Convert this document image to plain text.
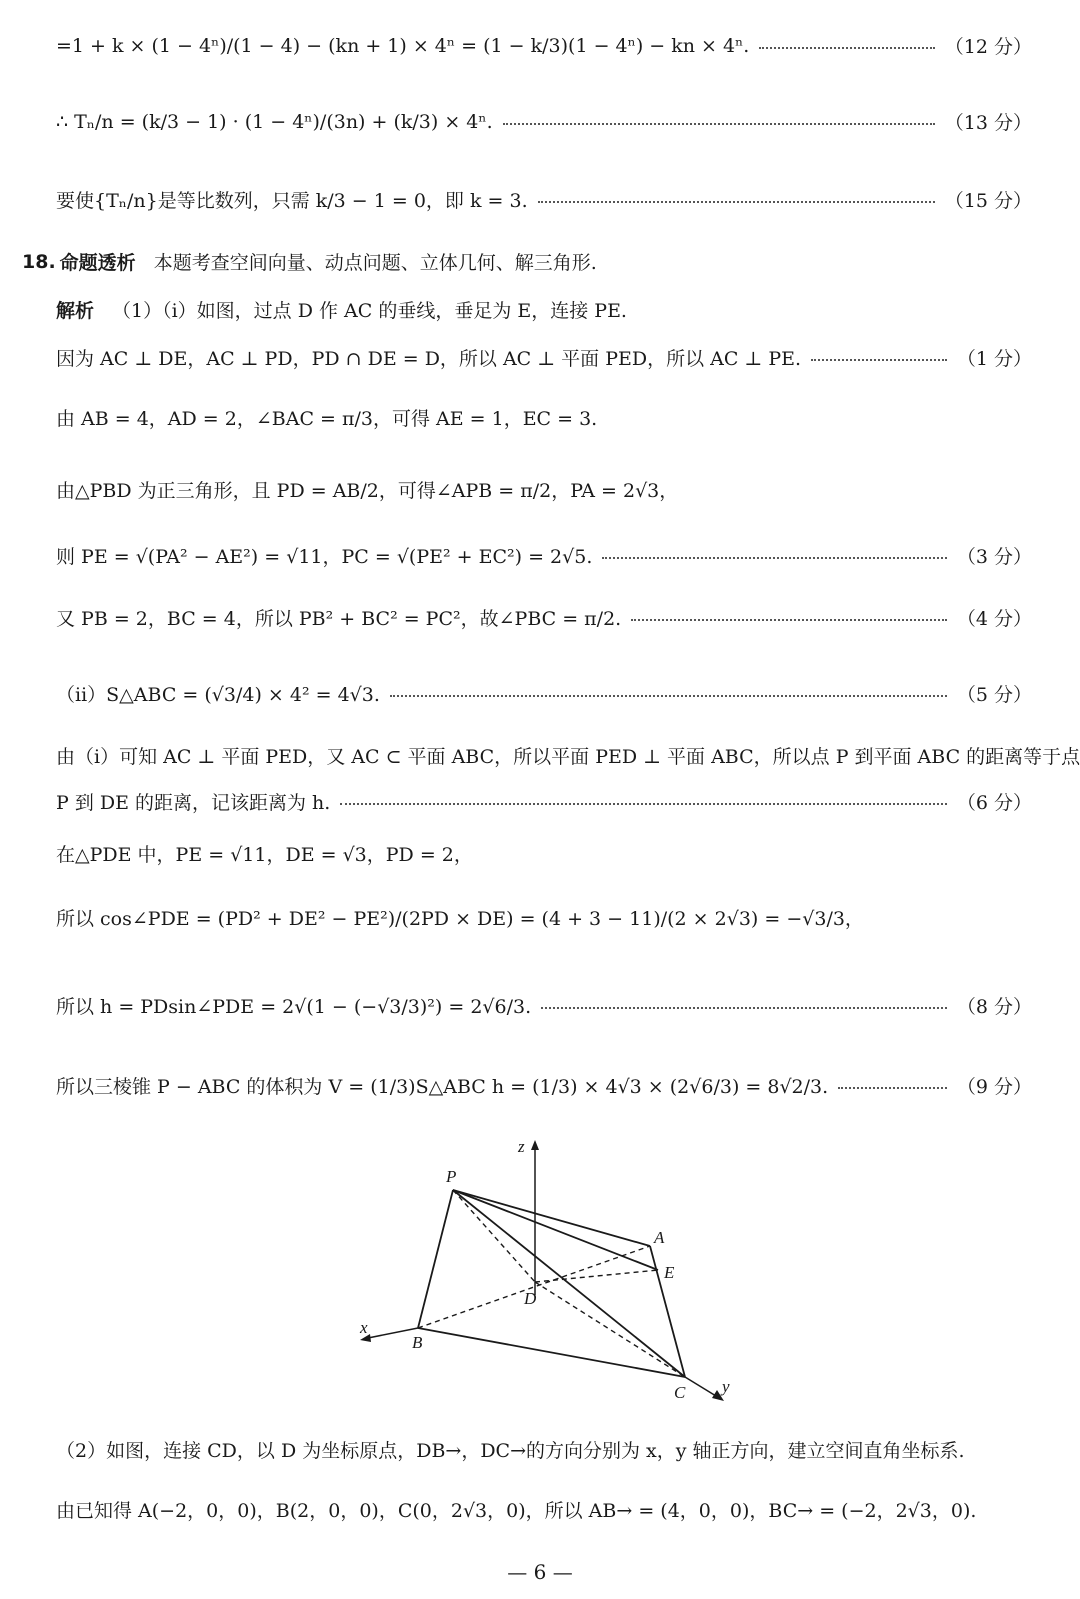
=1 + k × (1 − 4ⁿ)/(1 − 4) − (kn + 1) × 4ⁿ = (1 − k/3)(1 − 4ⁿ) − kn × 4ⁿ.	（12 分）
∴ Tₙ/n = (k/3 − 1) · (1 − 4ⁿ)/(3n) + (k/3) × 4ⁿ.	（13 分）
要使{Tₙ/n}是等比数列，只需 k/3 − 1 = 0，即 k = 3.	（15 分）
18. 命题透析 本题考查空间向量、动点问题、立体几何、解三角形.
解析 （1）（ⅰ）如图，过点 D 作 AC 的垂线，垂足为 E，连接 PE.
因为 AC ⊥ DE，AC ⊥ PD，PD ∩ DE = D，所以 AC ⊥ 平面 PED，所以 AC ⊥ PE.	（1 分）
由 AB = 4，AD = 2，∠BAC = π/3，可得 AE = 1，EC = 3.
由△PBD 为正三角形，且 PD = AB/2，可得∠APB = π/2，PA = 2√3，
则 PE = √(PA² − AE²) = √11，PC = √(PE² + EC²) = 2√5.	（3 分）
又 PB = 2，BC = 4，所以 PB² + BC² = PC²，故∠PBC = π/2.	（4 分）
（ⅱ）S△ABC = (√3/4) × 4² = 4√3.	（5 分）
由（ⅰ）可知 AC ⊥ 平面 PED，又 AC ⊂ 平面 ABC，所以平面 PED ⊥ 平面 ABC，所以点 P 到平面 ABC 的距离等于点
P 到 DE 的距离，记该距离为 h.	（6 分）
在△PDE 中，PE = √11，DE = √3，PD = 2，
所以 cos∠PDE = (PD² + DE² − PE²)/(2PD × DE) = (4 + 3 − 11)/(2 × 2√3) = −√3/3，
所以 h = PDsin∠PDE = 2√(1 − (−√3/3)²) = 2√6/3.	（8 分）
所以三棱锥 P − ABC 的体积为 V = (1/3)S△ABC h = (1/3) × 4√3 × (2√6/3) = 8√2/3.	（9 分）
z
x
y
P
A
E
D
B
C
（2）如图，连接 CD，以 D 为坐标原点，DB→，DC→的方向分别为 x，y 轴正方向，建立空间直角坐标系.
由已知得 A(−2，0，0)，B(2，0，0)，C(0，2√3，0)，所以 AB→ = (4，0，0)，BC→ = (−2，2√3，0).
— 6 —
